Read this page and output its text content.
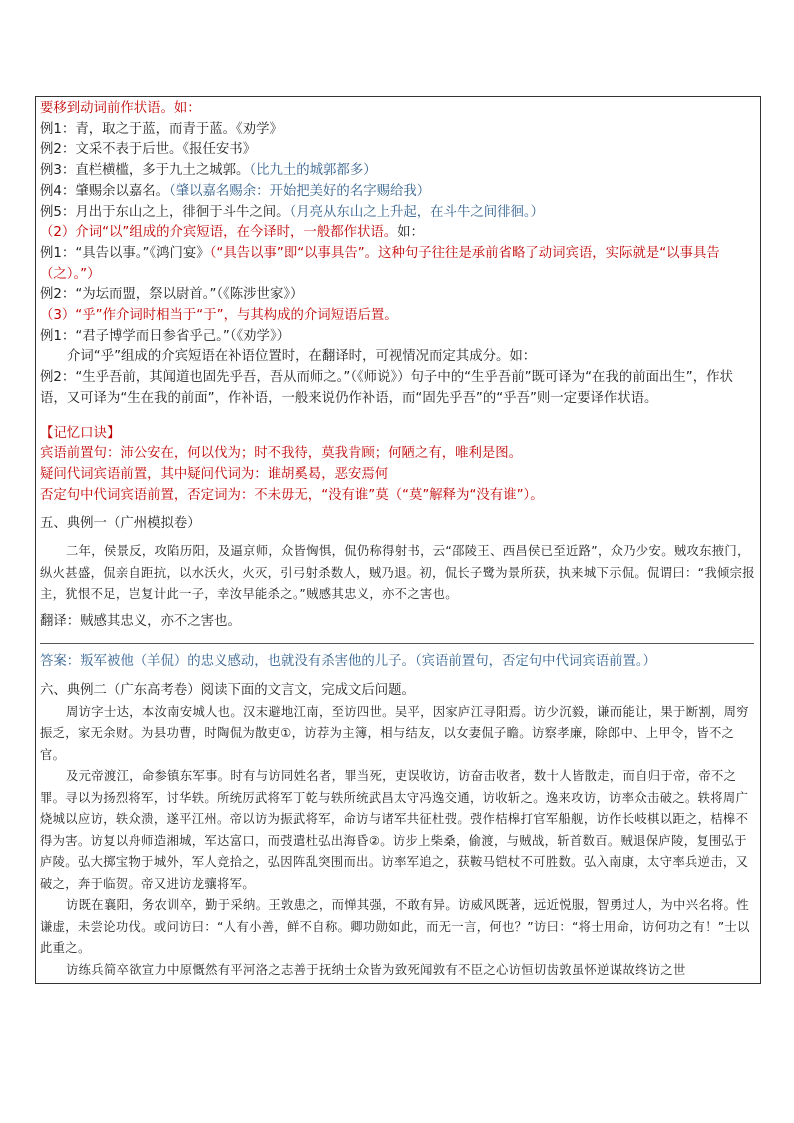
要移到动词前作状语。如：
例1：青，取之于蓝，而青于蓝。《劝学》
例2：文采不表于后世。《报任安书》
例3：直栏横槛，多于九土之城郭。（比九土的城郭都多）
例4：肇赐余以嘉名。（肇以嘉名赐余：开始把美好的名字赐给我）
例5：月出于东山之上，徘徊于斗牛之间。（月亮从东山之上升起，在斗牛之间徘徊。）
（2）介词“以”组成的介宾短语，在今译时，一般都作状语。如：
例1：“具告以事。”《鸿门宴》（“具告以事”即“以事具告”。这种句子往往是承前省略了动词宾语，实际就是“以事具告（之）。”）
例2：“为坛而盟，祭以尉首。”（《陈涉世家》）
（3）“乎”作介词时相当于“于”，与其构成的介词短语后置。
例1：“君子博学而日参省乎己。”（《劝学》）
介词“乎”组成的介宾短语在补语位置时，在翻译时，可视情况而定其成分。如：
例2：“生乎吾前，其闻道也固先乎吾，吾从而师之。”（《师说》）句子中的“生乎吾前”既可译为“在我的前面出生”，作状语，又可译为“生在我的前面”，作补语，一般来说仍作补语，而“固先乎吾”的“乎吾”则一定要译作状语。
【记忆口诀】
宾语前置句：沛公安在，何以伐为；时不我待，莫我肯顾；何陋之有，唯利是图。
疑问代词宾语前置，其中疑问代词为：谁胡奚曷，恶安焉何
否定句中代词宾语前置，否定词为：不未毋无，“没有谁”莫（“莫”解释为“没有谁”）。
五、典例一（广州模拟卷）
二年，侯景反，攻陷历阳，及逼京师，众皆恟惧，侃仍称得射书，云“邵陵王、西昌侯已至近路”，众乃少安。贼攻东掖门，纵火甚盛，侃亲自距抗，以水沃火，火灭，引弓射杀数人，贼乃退。初，侃长子鹭为景所获，执来城下示侃。侃谓曰：“我倾宗报主，犹恨不足，岂复计此一子，幸汝早能杀之。”贼感其忠义，亦不之害也。
翻译：贼感其忠义，亦不之害也。
答案：叛军被他（羊侃）的忠义感动，也就没有杀害他的儿子。（宾语前置句，否定句中代词宾语前置。）
六、典例二（广东高考卷）阅读下面的文言文，完成文后问题。
周访字士达，本汝南安城人也。汉末避地江南，至访四世。吴平，因家庐江寻阳焉。访少沉毅，谦而能让，果于断割，周穷振乏，家无余财。为县功曹，时陶侃为散吏①，访荐为主簿，相与结友，以女妻侃子瞻。访察孝廉，除郎中、上甲令，皆不之官。
及元帝渡江，命参镇东军事。时有与访同姓名者，罪当死，吏误收访，访奋击收者，数十人皆散走，而自归于帝，帝不之罪。寻以为扬烈将军，讨华轶。所统厉武将军丁乾与轶所统武昌太守冯逸交通，访收斩之。逸来攻访，访率众击破之。轶将周广烧城以应访，轶众溃，遂平江州。帝以访为振武将军，命访与诸军共征杜弢。弢作桔槔打官军船舰，访作长岐棋以距之，桔槔不得为害。访复以舟师造湘城，军达富口，而弢遣杜弘出海昏②。访步上柴桑，偷渡，与贼战，斩首数百。贼退保庐陵，复围弘于庐陵。弘大掷宝物于城外，军人竞拾之，弘因阵乱突围而出。访率军追之，获鞍马铠杖不可胜数。弘入南康，太守率兵逆击，又破之，奔于临贺。帝又进访龙骧将军。
访既在襄阳，务农训卒，勤于采纳。王敦患之，而惮其强，不敢有异。访威风既著，远近悦服，智勇过人，为中兴名将。性谦虚，未尝论功伐。或问访曰：“人有小善，鲜不自称。卿功勋如此，而无一言，何也？”访曰：“将士用命，访何功之有！”士以此重之。
访练兵简卒欲宣力中原慨然有平河洛之志善于抚纳士众皆为致死闻敦有不臣之心访恒切齿敦虽怀逆谋故终访之世
